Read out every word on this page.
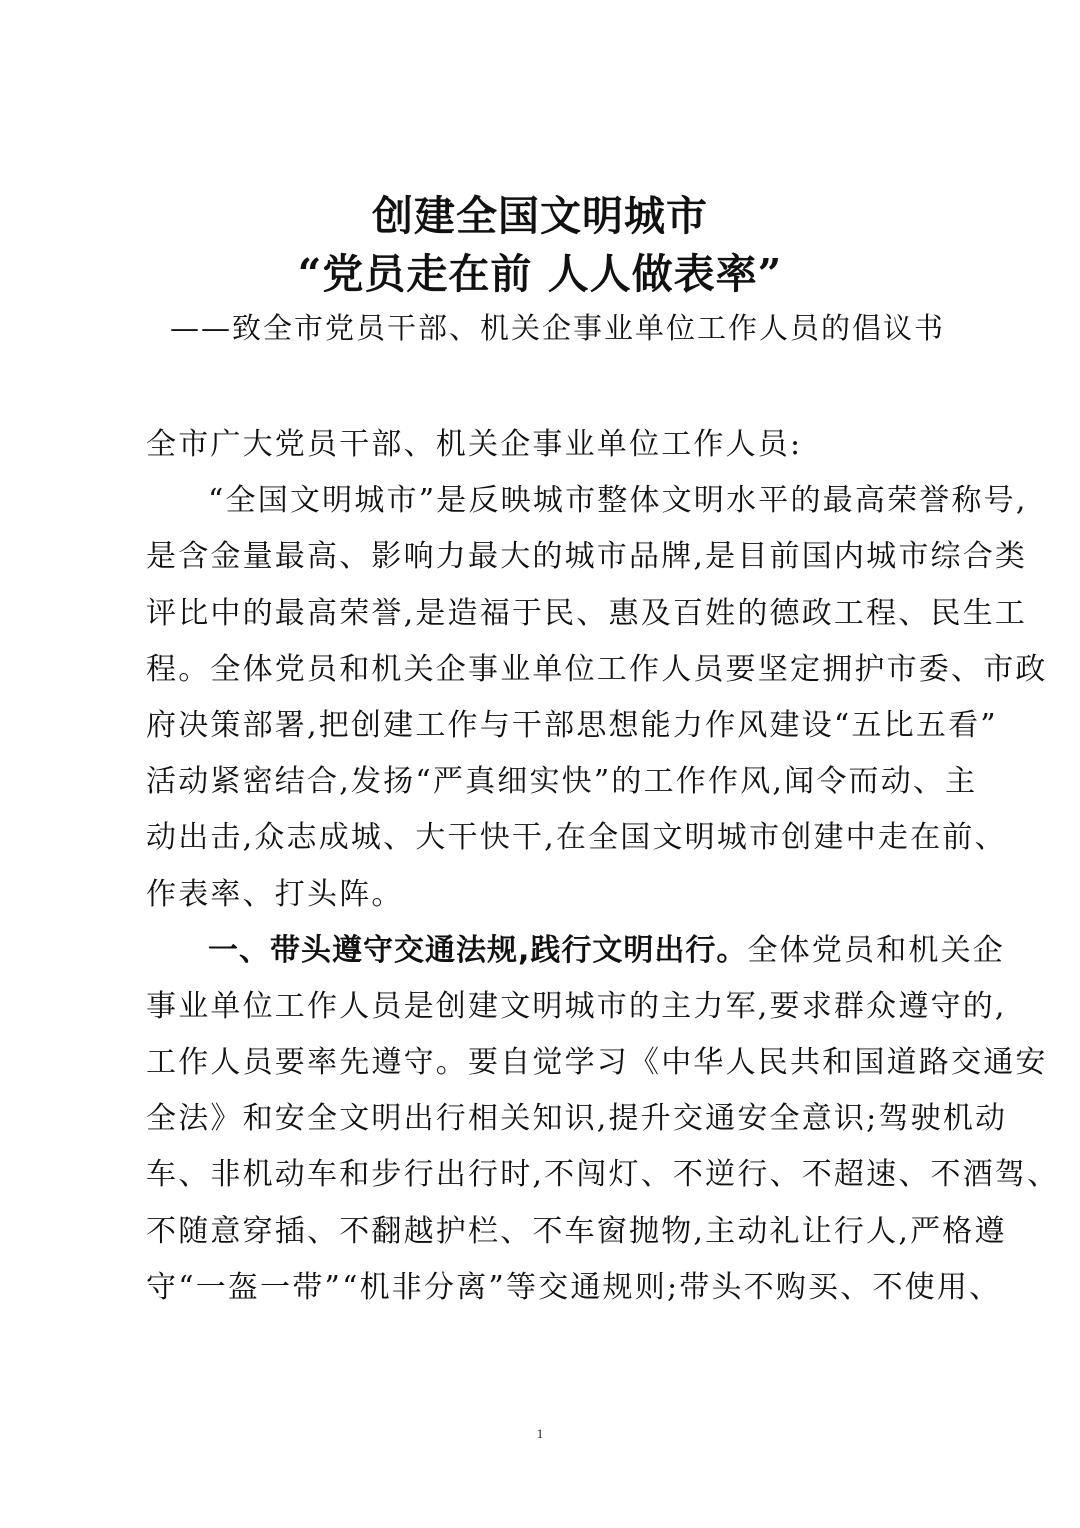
创建全国文明城市

“党员走在前 人人做表率”

——致全市党员干部、机关企事业单位工作人员的倡议书

全市广大党员干部、机关企事业单位工作人员:

“全国文明城市”是反映城市整体文明水平的最高荣誉称号,

是含金量最高、影响力最大的城市品牌,是目前国内城市综合类

评比中的最高荣誉,是造福于民、惠及百姓的德政工程、民生工

程。全体党员和机关企事业单位工作人员要坚定拥护市委、市政

府决策部署,把创建工作与干部思想能力作风建设“五比五看”

活动紧密结合,发扬“严真细实快”的工作作风,闻令而动、主

动出击,众志成城、大干快干,在全国文明城市创建中走在前、

作表率、打头阵。

一、带头遵守交通法规,践行文明出行。全体党员和机关企

事业单位工作人员是创建文明城市的主力军,要求群众遵守的,

工作人员要率先遵守。要自觉学习《中华人民共和国道路交通安

全法》和安全文明出行相关知识,提升交通安全意识;驾驶机动

车、非机动车和步行出行时,不闯灯、不逆行、不超速、不酒驾、

不随意穿插、不翻越护栏、不车窗抛物,主动礼让行人,严格遵

守“一盔一带”“机非分离”等交通规则;带头不购买、不使用、

1
